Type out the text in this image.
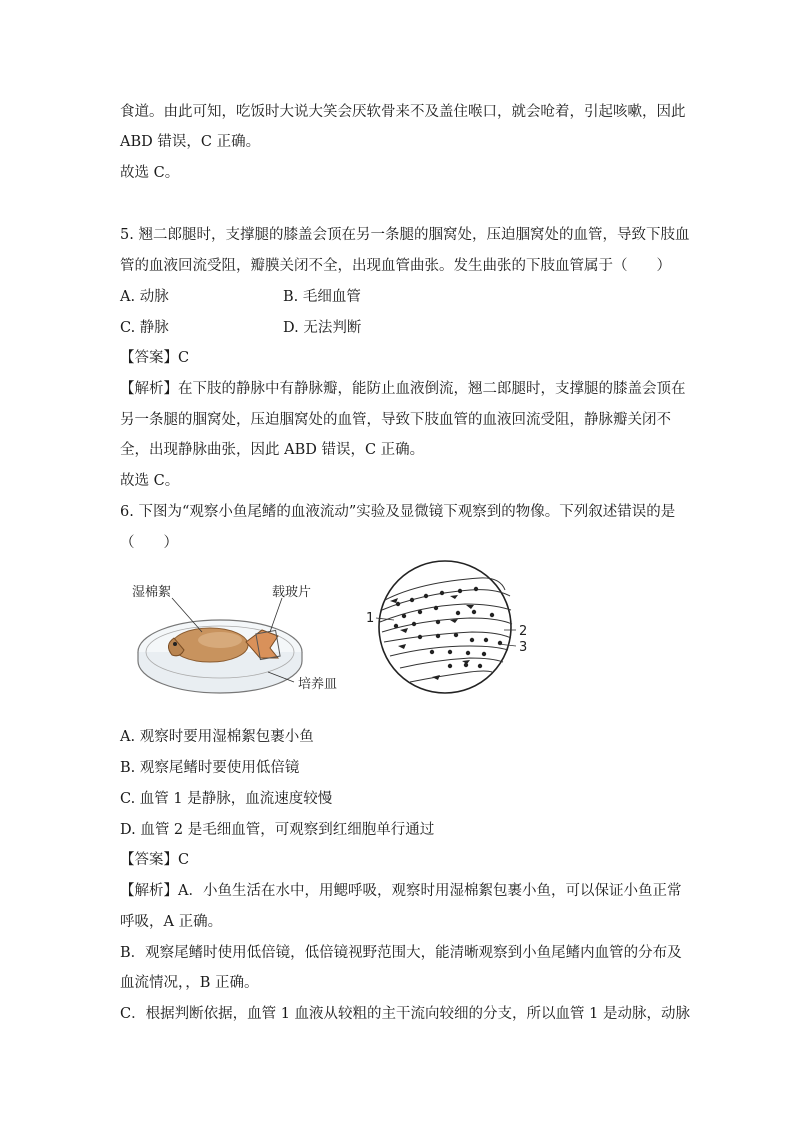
食道。由此可知，吃饭时大说大笑会厌软骨来不及盖住喉口，就会呛着，引起咳嗽，因此
ABD 错误，C 正确。
故选 C。
5. 翘二郎腿时，支撑腿的膝盖会顶在另一条腿的腘窝处，压迫腘窝处的血管，导致下肢血
管的血液回流受阻，瓣膜关闭不全，出现血管曲张。发生曲张的下肢血管属于（　　）
A. 动脉	B. 毛细血管
C. 静脉	D. 无法判断
【答案】C
【解析】在下肢的静脉中有静脉瓣，能防止血液倒流，翘二郎腿时，支撑腿的膝盖会顶在
另一条腿的腘窝处，压迫腘窝处的血管，导致下肢血管的血液回流受阻，静脉瓣关闭不
全，出现静脉曲张，因此 ABD 错误，C 正确。
故选 C。
6. 下图为“观察小鱼尾鳍的血液流动”实验及显微镜下观察到的物像。下列叙述错误的是
（　　）
湿棉絮	载玻片
培养皿
1
2
3
A. 观察时要用湿棉絮包裹小鱼
B. 观察尾鳍时要使用低倍镜
C. 血管 1 是静脉，血流速度较慢
D. 血管 2 是毛细血管，可观察到红细胞单行通过
【答案】C
【解析】A．小鱼生活在水中，用鳃呼吸，观察时用湿棉絮包裹小鱼，可以保证小鱼正常
呼吸，A 正确。
B．观察尾鳍时使用低倍镜，低倍镜视野范围大，能清晰观察到小鱼尾鳍内血管的分布及
血流情况，，B 正确。
C．根据判断依据，血管 1 血液从较粗的主干流向较细的分支，所以血管 1 是动脉，动脉
